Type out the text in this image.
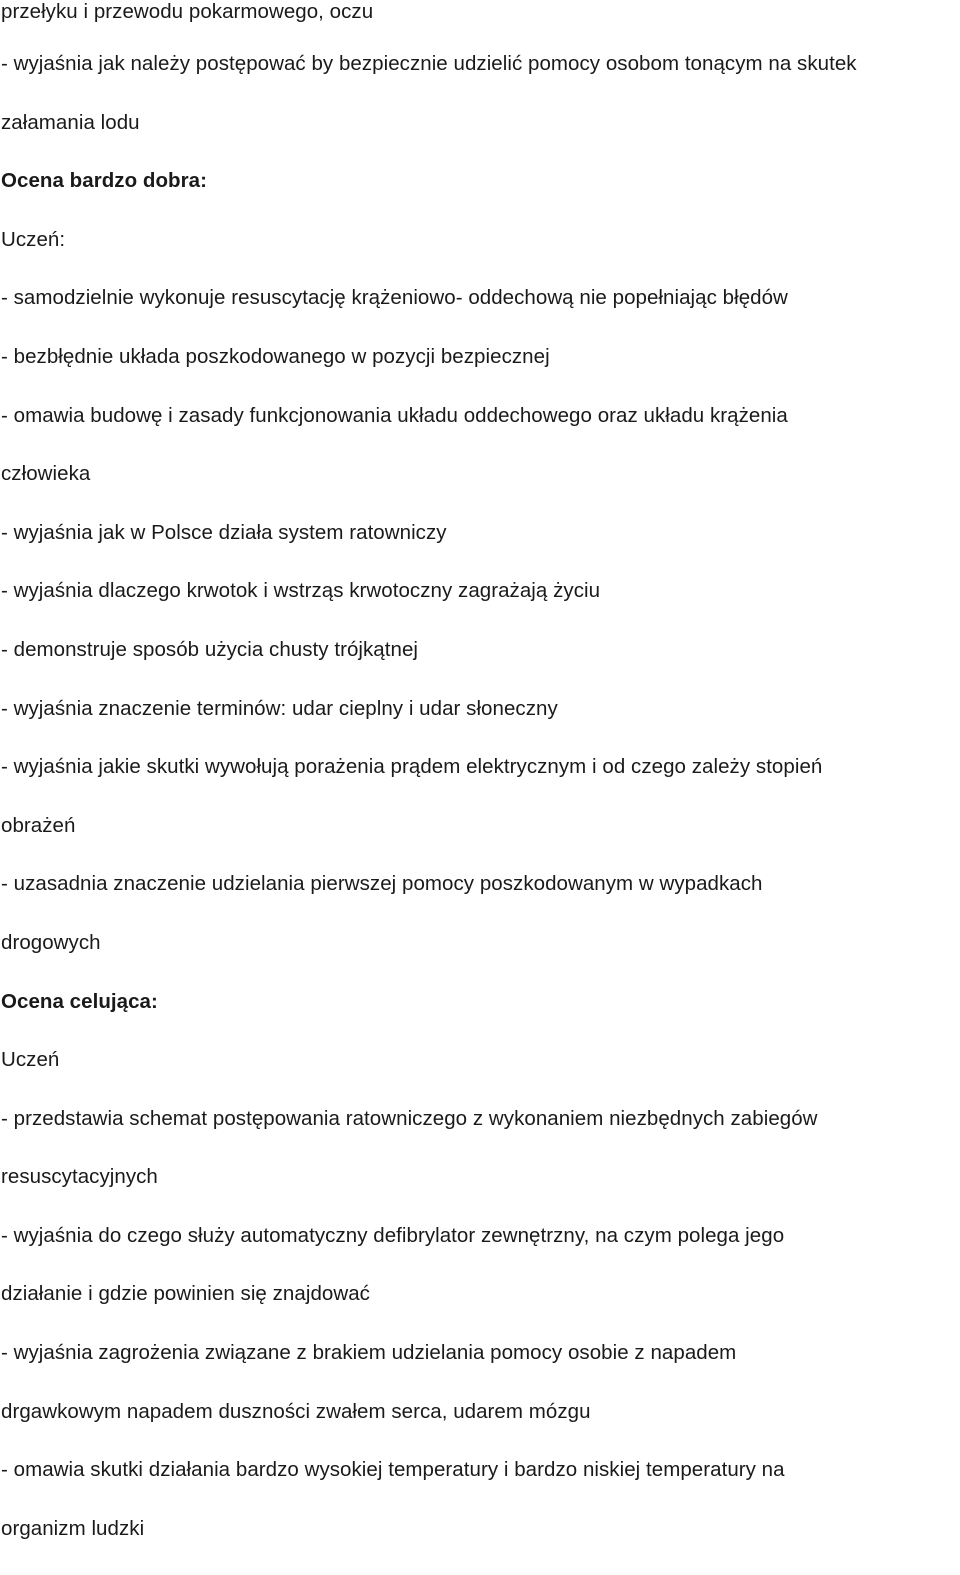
przełyku i przewodu pokarmowego, oczu
- wyjaśnia jak należy postępować by bezpiecznie udzielić pomocy osobom tonącym na skutek
załamania lodu
Ocena bardzo dobra:
Uczeń:
- samodzielnie wykonuje resuscytację krążeniowo- oddechową nie popełniając błędów
- bezbłędnie układa poszkodowanego w pozycji bezpiecznej
- omawia budowę i zasady funkcjonowania układu oddechowego oraz układu krążenia
człowieka
- wyjaśnia jak w Polsce działa system ratowniczy
- wyjaśnia dlaczego krwotok i wstrząs krwotoczny zagrażają życiu
- demonstruje sposób użycia chusty trójkątnej
- wyjaśnia znaczenie terminów: udar cieplny i udar słoneczny
- wyjaśnia jakie skutki wywołują porażenia prądem elektrycznym i od czego zależy stopień
obrażeń
- uzasadnia znaczenie udzielania pierwszej pomocy poszkodowanym w wypadkach
drogowych
Ocena celująca:
Uczeń
- przedstawia schemat postępowania ratowniczego z wykonaniem niezbędnych zabiegów
resuscytacyjnych
- wyjaśnia do czego służy automatyczny defibrylator zewnętrzny, na czym polega jego
działanie i gdzie powinien się znajdować
- wyjaśnia zagrożenia związane z brakiem udzielania pomocy osobie z napadem
drgawkowym napadem duszności zwałem serca, udarem mózgu
- omawia skutki działania bardzo wysokiej temperatury i bardzo niskiej temperatury na
organizm ludzki
